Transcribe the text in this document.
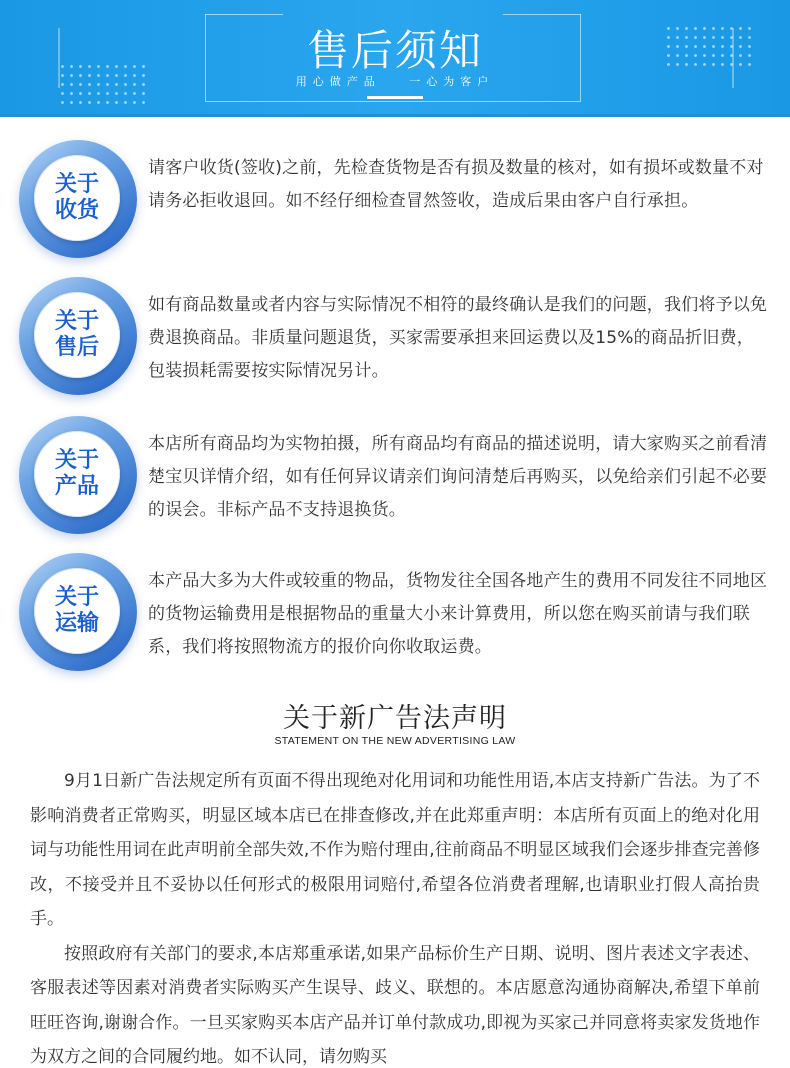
售后须知
用心做产品   一心为客户
关于
收货
请客户收货(签收)之前，先检查货物是否有损及数量的核对，如有损坏或数量不对请务必拒收退回。如不经仔细检查冒然签收，造成后果由客户自行承担。
关于
售后
如有商品数量或者内容与实际情况不相符的最终确认是我们的问题，我们将予以免费退换商品。非质量问题退货，买家需要承担来回运费以及15%的商品折旧费，包装损耗需要按实际情况另计。
关于
产品
本店所有商品均为实物拍摄，所有商品均有商品的描述说明，请大家购买之前看清楚宝贝详情介绍，如有任何异议请亲们询问清楚后再购买，以免给亲们引起不必要的误会。非标产品不支持退换货。
关于
运输
本产品大多为大件或较重的物品，货物发往全国各地产生的费用不同发往不同地区的货物运输费用是根据物品的重量大小来计算费用，所以您在购买前请与我们联系，我们将按照物流方的报价向你收取运费。
关于新广告法声明
STATEMENT ON THE NEW ADVERTISING LAW

9月1日新广告法规定所有页面不得出现绝对化用词和功能性用语,本店支持新广告法。为了不影响消费者正常购买，明显区域本店已在排查修改,并在此郑重声明：本店所有页面上的绝对化用词与功能性用词在此声明前全部失效,不作为赔付理由,往前商品不明显区域我们会逐步排查完善修改，不接受并且不妥协以任何形式的极限用词赔付,希望各位消费者理解,也请职业打假人高抬贵手。

按照政府有关部门的要求,本店郑重承诺,如果产品标价生产日期、说明、图片表述文字表述、客服表述等因素对消费者实际购买产生误导、歧义、联想的。本店愿意沟通协商解决,希望下单前旺旺咨询,谢谢合作。一旦买家购买本店产品并订单付款成功,即视为买家己并同意将卖家发货地作为双方之间的合同履约地。如不认同，请勿购买
